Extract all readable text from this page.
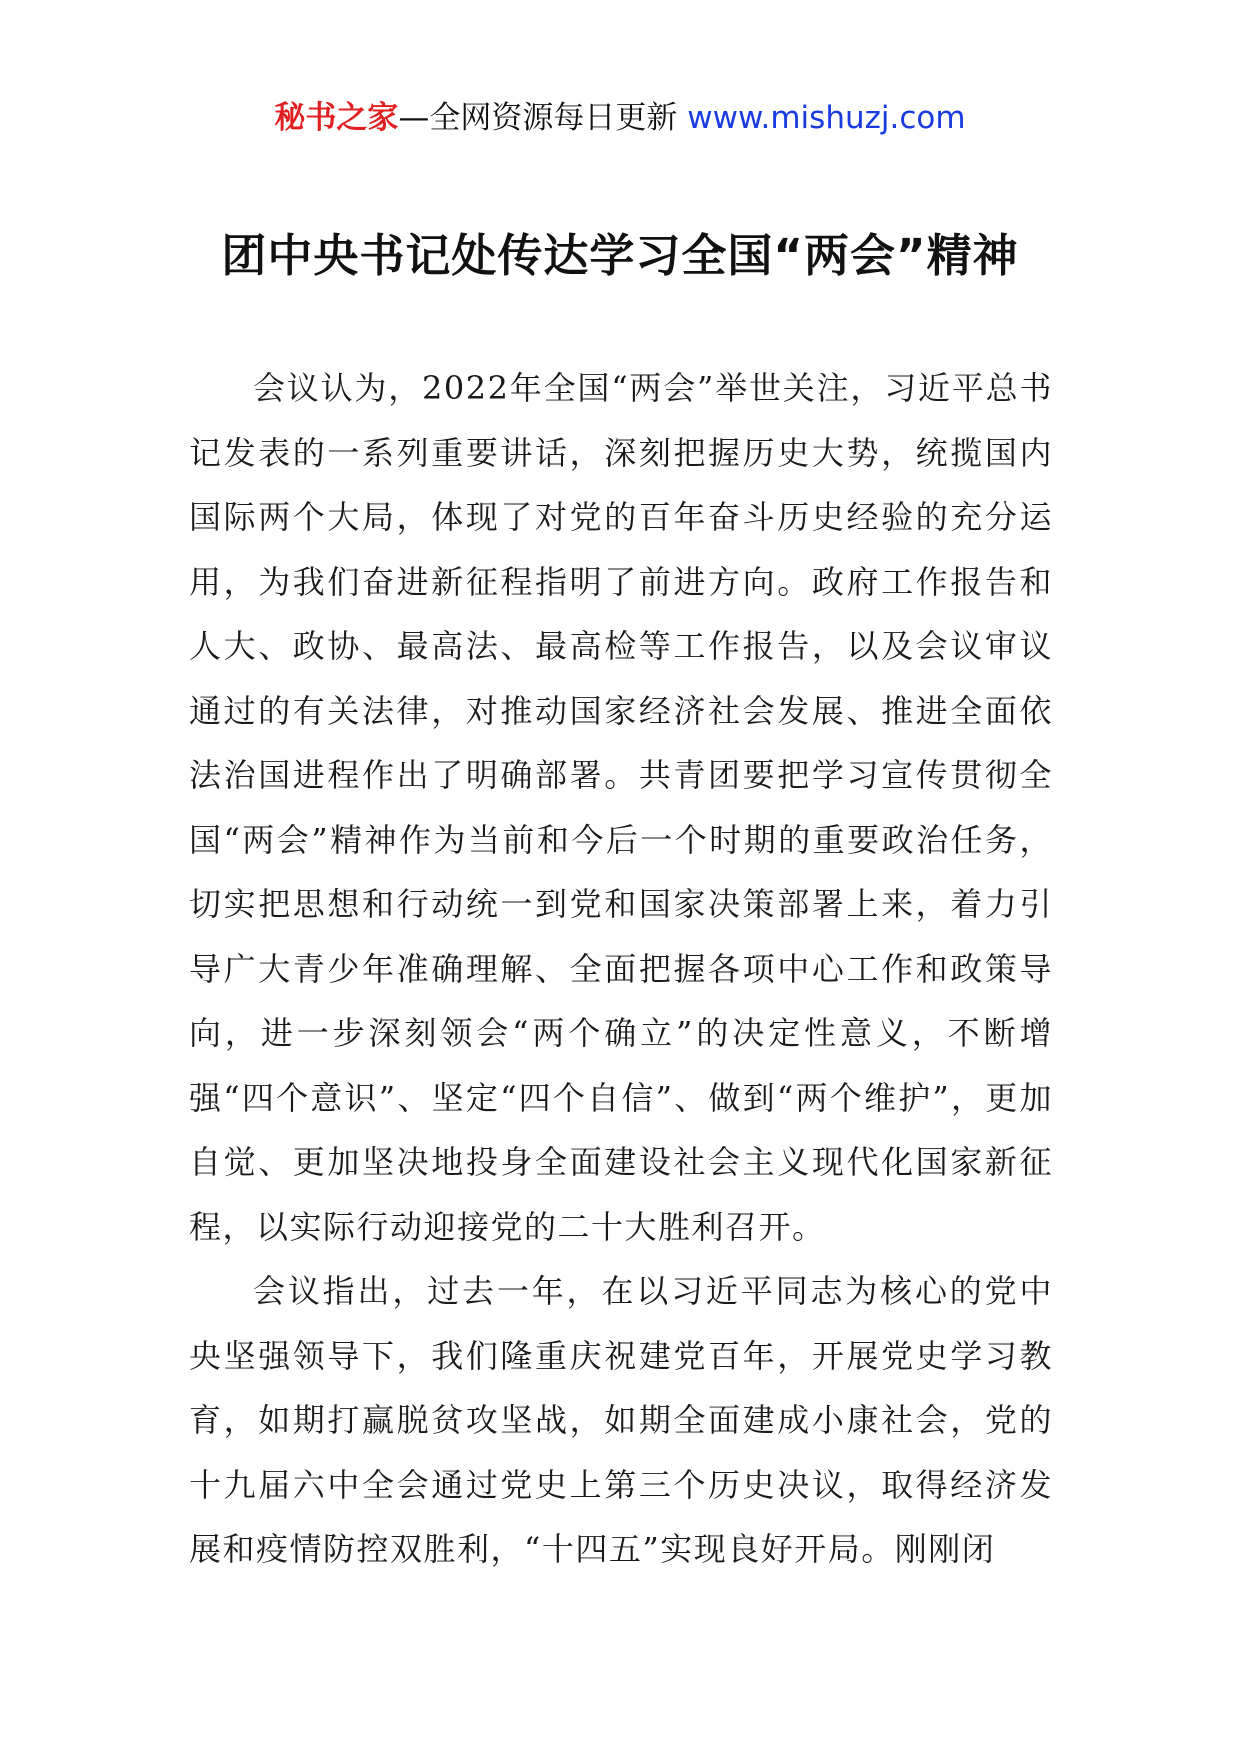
秘书之家—全网资源每日更新 www.mishuzj.com
团中央书记处传达学习全国“两会”精神

会议认为，2022年全国“两会”举世关注，习近平总书记发表的一系列重要讲话，深刻把握历史大势，统揽国内国际两个大局，体现了对党的百年奋斗历史经验的充分运用，为我们奋进新征程指明了前进方向。政府工作报告和人大、政协、最高法、最高检等工作报告，以及会议审议通过的有关法律，对推动国家经济社会发展、推进全面依法治国进程作出了明确部署。共青团要把学习宣传贯彻全国“两会”精神作为当前和今后一个时期的重要政治任务，切实把思想和行动统一到党和国家决策部署上来，着力引导广大青少年准确理解、全面把握各项中心工作和政策导向，进一步深刻领会“两个确立”的决定性意义，不断增强“四个意识”、坚定“四个自信”、做到“两个维护”，更加自觉、更加坚决地投身全面建设社会主义现代化国家新征程，以实际行动迎接党的二十大胜利召开。

会议指出，过去一年，在以习近平同志为核心的党中央坚强领导下，我们隆重庆祝建党百年，开展党史学习教育，如期打赢脱贫攻坚战，如期全面建成小康社会，党的十九届六中全会通过党史上第三个历史决议，取得经济发展和疫情防控双胜利，“十四五”实现良好开局。刚刚闭
